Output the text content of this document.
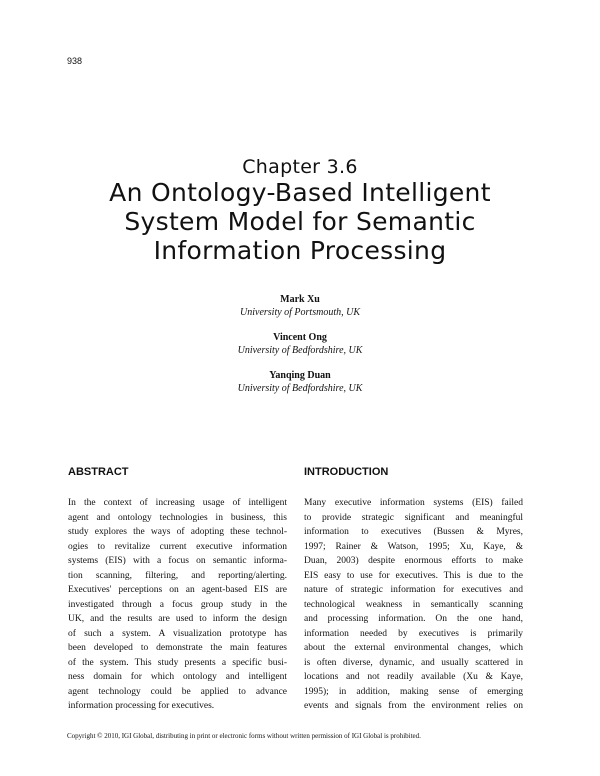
938
Chapter 3.6
An Ontology-Based Intelligent
System Model for Semantic
Information Processing
Mark Xu
University of Portsmouth, UK
Vincent Ong
University of Bedfordshire, UK
Yanqing Duan
University of Bedfordshire, UK
ABSTRACT	INTRODUCTION
In the context of increasing usage of intelligent
agent and ontology technologies in business, this
study explores the ways of adopting these technol-
ogies to revitalize current executive information
systems (EIS) with a focus on semantic informa-
tion scanning, filtering, and reporting/alerting.
Executives' perceptions on an agent-based EIS are
investigated through a focus group study in the
UK, and the results are used to inform the design
of such a system. A visualization prototype has
been developed to demonstrate the main features
of the system. This study presents a specific busi-
ness domain for which ontology and intelligent
agent technology could be applied to advance
information processing for executives.
Many executive information systems (EIS) failed
to provide strategic significant and meaningful
information to executives (Bussen & Myres,
1997; Rainer & Watson, 1995; Xu, Kaye, &
Duan, 2003) despite enormous efforts to make
EIS easy to use for executives. This is due to the
nature of strategic information for executives and
technological weakness in semantically scanning
and processing information. On the one hand,
information needed by executives is primarily
about the external environmental changes, which
is often diverse, dynamic, and usually scattered in
locations and not readily available (Xu & Kaye,
1995); in addition, making sense of emerging
events and signals from the environment relies on
Copyright © 2010, IGI Global, distributing in print or electronic forms without written permission of IGI Global is prohibited.
